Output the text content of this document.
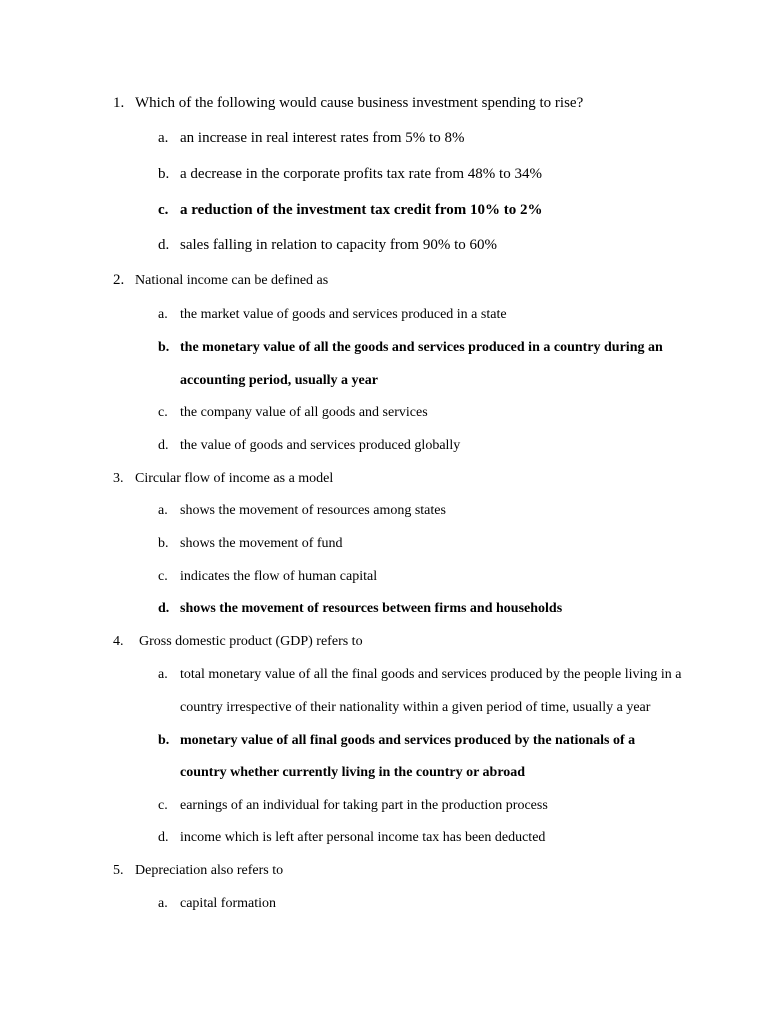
1. Which of the following would cause business investment spending to rise?
a. an increase in real interest rates from 5% to 8%
b. a decrease in the corporate profits tax rate from 48% to 34%
c. a reduction of the investment tax credit from 10% to 2%
d. sales falling in relation to capacity from 90% to 60%
2. National income can be defined as
a. the market value of goods and services produced in a state
b. the monetary value of all the goods and services produced in a country during an
accounting period, usually a year
c. the company value of all goods and services
d. the value of goods and services produced globally
3. Circular flow of income as a model
a. shows the movement of resources among states
b. shows the movement of fund
c. indicates the flow of human capital
d. shows the movement of resources between firms and households
4. Gross domestic product (GDP) refers to
a. total monetary value of all the final goods and services produced by the people living in a
country irrespective of their nationality within a given period of time, usually a year
b. monetary value of all final goods and services produced by the nationals of a
country whether currently living in the country or abroad
c. earnings of an individual for taking part in the production process
d. income which is left after personal income tax has been deducted
5. Depreciation also refers to
a. capital formation
